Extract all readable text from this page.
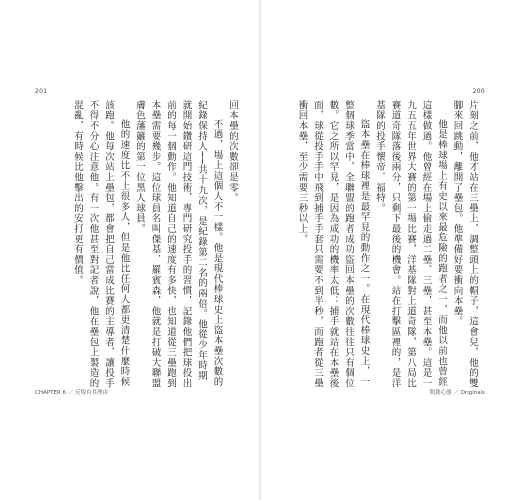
201

回本壘的次數卻是零。

不過，場上這個人不一樣。他是現代棒球史上盜本壘次數的紀錄保持人──共十九次，是紀錄第二名的兩倍。他從少年時期就開始鑽研這門技術，專門研究投手的習慣，記錄他們把球投出前的每一個動作。他知道自己的速度有多快，也知道從三壘跑到本壘需要幾步。這位球員名叫傑基．羅賓森，他就是打破大聯盟膚色藩籬的第一位黑人球員。

他的速度比不上很多人，但是他比任何人都更清楚什麼時候該跑。他每次站上壘包，都會把自己當成比賽的主導者，讓投手不得不分心注意他。有一次他甚至對記者說，他在壘包上製造的混亂，有時候比他擊出的安打更有價值。

CHAPTER 6 ／ 反叛有其理由
200

片刻之前，他才站在三壘上，調整頭上的帽子，這會兒，他的雙腳來回跳動，離開了壘包。他準備好要衝向本壘。

他是棒球場上有史以來最危險的跑者之一，而他以前也曾經這樣做過。他曾經在場上偷走過二壘、三壘，甚至本壘。這是一九五五年世界大賽的第一場比賽，洋基隊對上道奇隊，第八局比賽道奇隊落後兩分，只剩下最後的機會。站在打擊區裡的，是洋基隊的投手懷帝．福特。

盜本壘在棒球裡是最罕見的動作之一。在現代棒球史上，一整個球季當中，全聯盟的跑者成功盜回本壘的次數往往只有個位數。它之所以罕見，是因為成功的機率太低：捕手就站在本壘後面，球從投手手中飛到捕手手套只需要不到半秒，而跑者從三壘衝回本壘，至少需要三秒以上。

開創心態 ／ Originals
